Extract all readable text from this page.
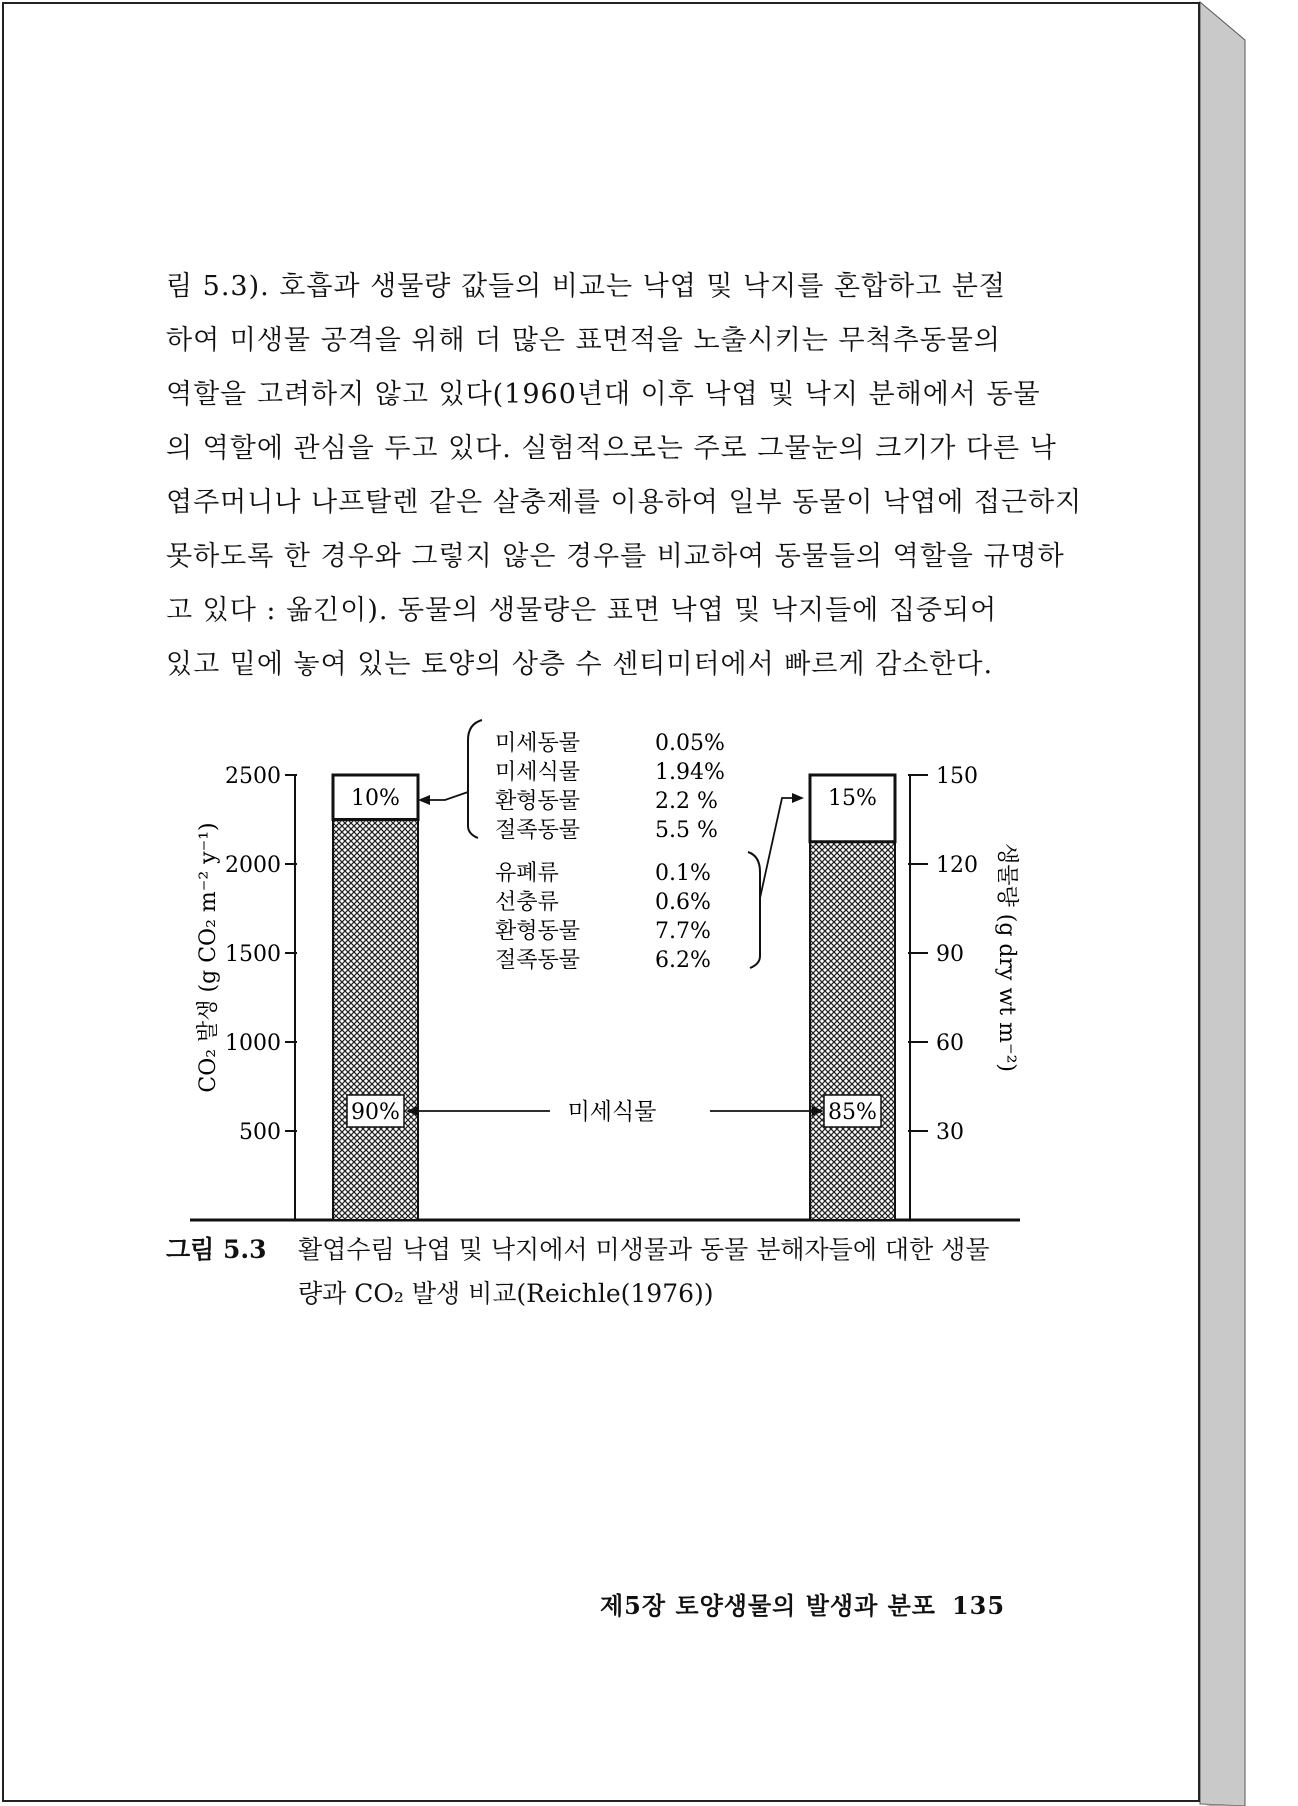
림 5.3). 호흡과 생물량 값들의 비교는 낙엽 및 낙지를 혼합하고 분절
하여 미생물 공격을 위해 더 많은 표면적을 노출시키는 무척추동물의
역할을 고려하지 않고 있다(1960년대 이후 낙엽 및 낙지 분해에서 동물
의 역할에 관심을 두고 있다. 실험적으로는 주로 그물눈의 크기가 다른 낙
엽주머니나 나프탈렌 같은 살충제를 이용하여 일부 동물이 낙엽에 접근하지
못하도록 한 경우와 그렇지 않은 경우를 비교하여 동물들의 역할을 규명하
고 있다 : 옮긴이). 동물의 생물량은 표면 낙엽 및 낙지들에 집중되어
있고 밑에 놓여 있는 토양의 상층 수 센티미터에서 빠르게 감소한다.
500
1000
1500
2000
2500
CO₂ 발생 (g CO₂ m⁻² y⁻¹)
30
60
90
120
150
생물량 (g dry wt m⁻²)
10%
90%
15%
85%
미세식물
미세동물	0.05%
미세식물	1.94%
환형동물	2.2 %
절족동물	5.5 %
유폐류	0.1%
선충류	0.6%
환형동물	7.7%
절족동물	6.2%
그림 5.3 활엽수림 낙엽 및 낙지에서 미생물과 동물 분해자들에 대한 생물
량과 CO₂ 발생 비교(Reichle(1976))
제5장 토양생물의 발생과 분포 135
